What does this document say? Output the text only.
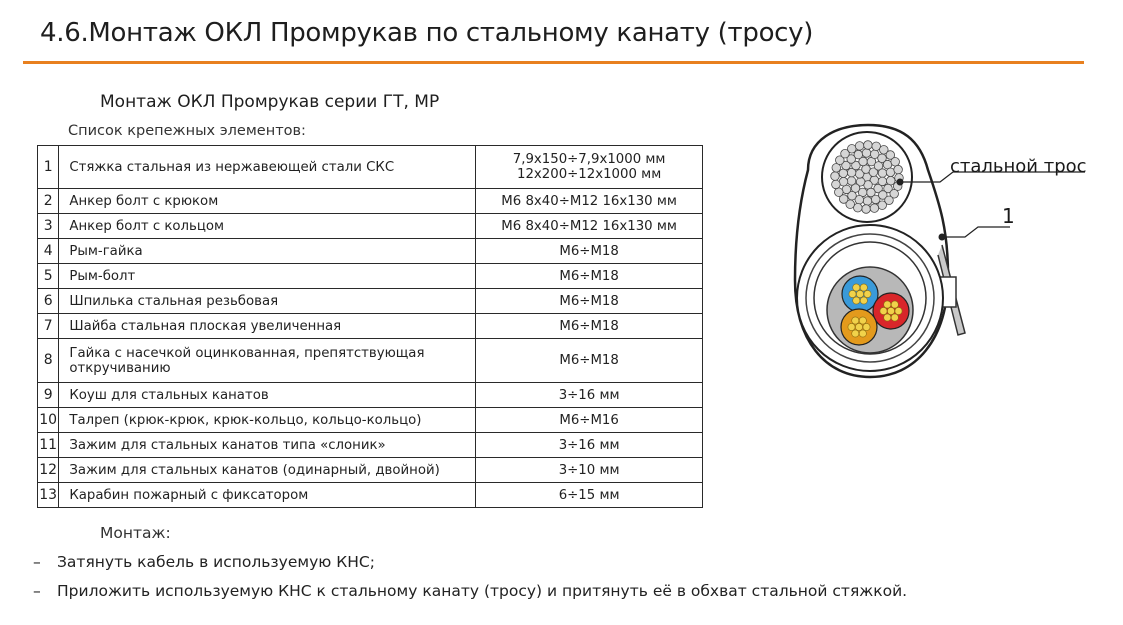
4.6.Монтаж ОКЛ Промрукав по стальному канату (тросу)
Монтаж ОКЛ Промрукав серии ГТ, МР
Список крепежных элементов:
1	Стяжка стальная из нержавеющей стали СКС	7,9х150÷7,9х1000 мм
12х200÷12х1000 мм
2	Анкер болт с крюком	М6 8х40÷М12 16х130 мм
3	Анкер болт с кольцом	М6 8х40÷М12 16х130 мм
4	Рым-гайка	М6÷М18
5	Рым-болт	М6÷М18
6	Шпилька стальная резьбовая	М6÷М18
7	Шайба стальная плоская увеличенная	М6÷М18
8	Гайка с насечкой оцинкованная, препятствующая
откручиванию	М6÷М18
9	Коуш для стальных канатов	3÷16 мм
10	Талреп (крюк-крюк, крюк-кольцо, кольцо-кольцо)	М6÷М16
11	Зажим для стальных канатов типа «слоник»	3÷16 мм
12	Зажим для стальных канатов (одинарный, двойной)	3÷10 мм
13	Карабин пожарный с фиксатором	6÷15 мм
Монтаж:
– Затянуть кабель в используемую КНС;
– Приложить используемую КНС к стальному канату (тросу) и притянуть её в обхват стальной стяжкой.
стальной трос
1
